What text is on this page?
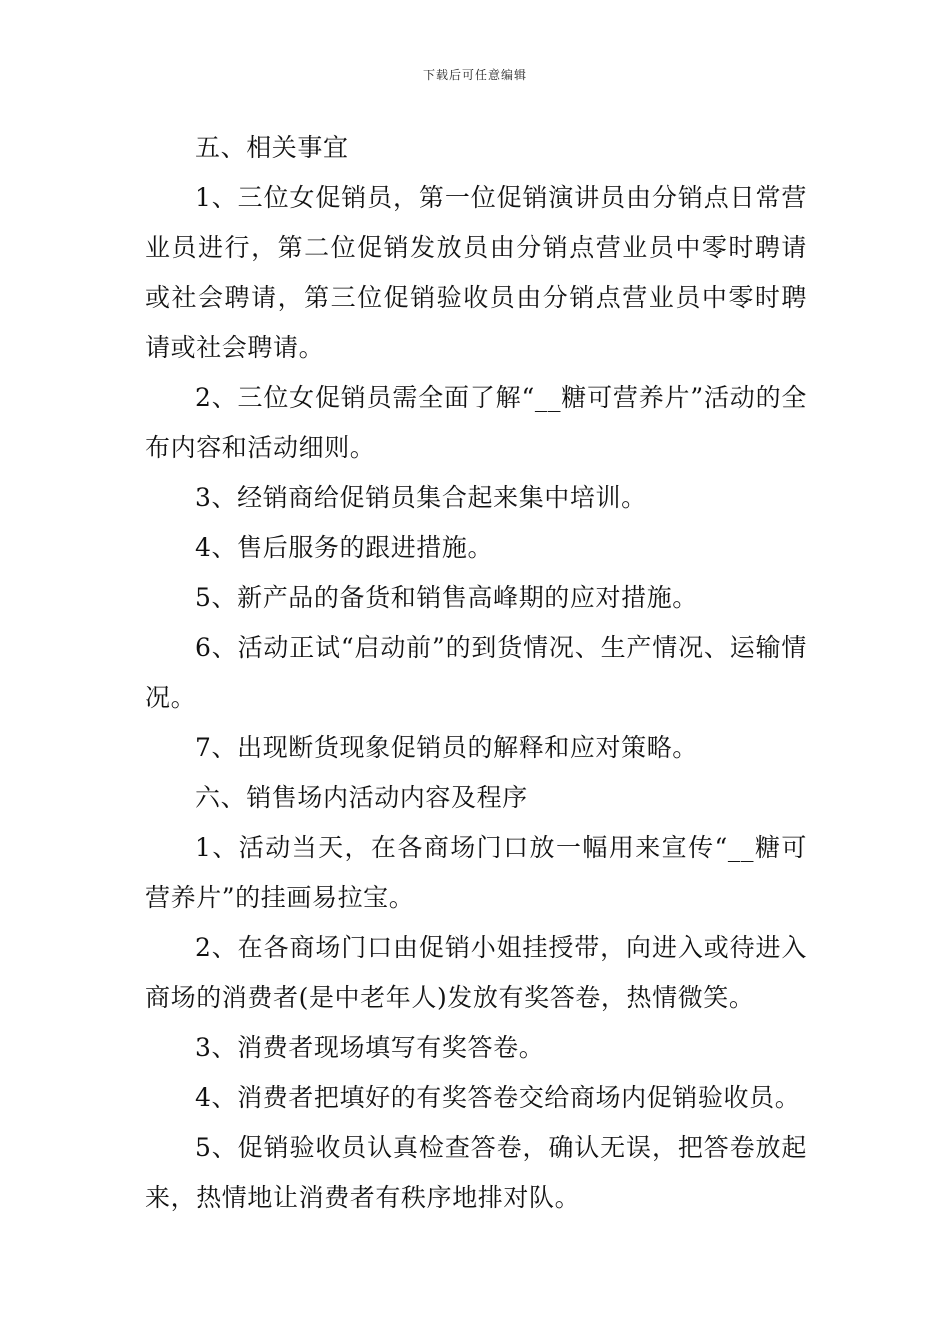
下载后可任意编辑

五、相关事宜

1、三位女促销员，第一位促销演讲员由分销点日常营业员进行，第二位促销发放员由分销点营业员中零时聘请或社会聘请，第三位促销验收员由分销点营业员中零时聘请或社会聘请。

2、三位女促销员需全面了解“__糖可营养片”活动的全布内容和活动细则。

3、经销商给促销员集合起来集中培训。

4、售后服务的跟进措施。

5、新产品的备货和销售高峰期的应对措施。

6、活动正试“启动前”的到货情况、生产情况、运输情况。

7、出现断货现象促销员的解释和应对策略。

六、销售场内活动内容及程序

1、活动当天，在各商场门口放一幅用来宣传“__糖可营养片”的挂画易拉宝。

2、在各商场门口由促销小姐挂授带，向进入或待进入商场的消费者(是中老年人)发放有奖答卷，热情微笑。

3、消费者现场填写有奖答卷。

4、消费者把填好的有奖答卷交给商场内促销验收员。

5、促销验收员认真检查答卷，确认无误，把答卷放起来，热情地让消费者有秩序地排对队。
